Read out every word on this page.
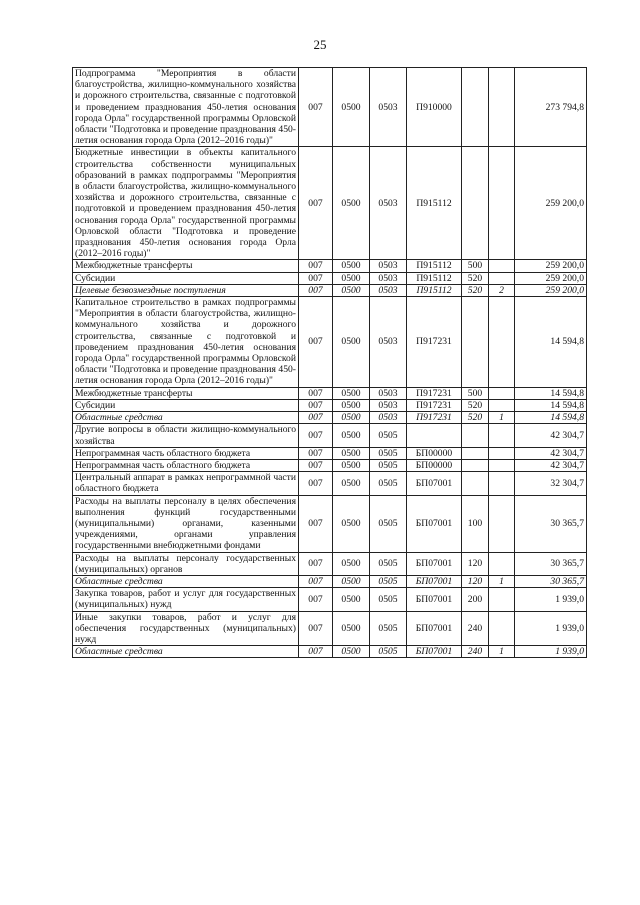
25
Подпрограмма "Мероприятия в области благоустройства, жилищно-коммунального хозяйства и дорожного строительства, связанные с подготовкой и проведением празднования 450-летия основания города Орла" государственной программы Орловской области "Подготовка и проведение празднования 450-летия основания города Орла (2012–2016 годы)"	007	0500	0503	П910000			273 794,8
Бюджетные инвестиции в объекты капитального строительства собственности муниципальных образований в рамках подпрограммы "Мероприятия в области благоустройства, жилищно-коммунального хозяйства и дорожного строительства, связанные с подготовкой и проведением празднования 450-летия основания города Орла" государственной программы Орловской области "Подготовка и проведение празднования 450-летия основания города Орла (2012–2016 годы)"	007	0500	0503	П915112			259 200,0
Межбюджетные трансферты	007	0500	0503	П915112	500		259 200,0
Субсидии	007	0500	0503	П915112	520		259 200,0
Целевые безвозмездные поступления	007	0500	0503	П915112	520	2	259 200,0
Капитальное строительство в рамках подпрограммы "Мероприятия в области благоустройства, жилищно-коммунального хозяйства и дорожного строительства, связанные с подготовкой и проведением празднования 450-летия основания города Орла" государственной программы Орловской области "Подготовка и проведение празднования 450-летия основания города Орла (2012–2016 годы)"	007	0500	0503	П917231			14 594,8
Межбюджетные трансферты	007	0500	0503	П917231	500		14 594,8
Субсидии	007	0500	0503	П917231	520		14 594,8
Областные средства	007	0500	0503	П917231	520	1	14 594,8
Другие вопросы в области жилищно-коммунального хозяйства	007	0500	0505				42 304,7
Непрограммная часть областного бюджета	007	0500	0505	БП00000			42 304,7
Непрограммная часть областного бюджета	007	0500	0505	БП00000			42 304,7
Центральный аппарат в рамках непрограммной части областного бюджета	007	0500	0505	БП07001			32 304,7
Расходы на выплаты персоналу в целях обеспечения выполнения функций государственными (муниципальными) органами, казенными учреждениями, органами управления государственными внебюджетными фондами	007	0500	0505	БП07001	100		30 365,7
Расходы на выплаты персоналу государственных (муниципальных) органов	007	0500	0505	БП07001	120		30 365,7
Областные средства	007	0500	0505	БП07001	120	1	30 365,7
Закупка товаров, работ и услуг для государственных (муниципальных) нужд	007	0500	0505	БП07001	200		1 939,0
Иные закупки товаров, работ и услуг для обеспечения государственных (муниципальных) нужд	007	0500	0505	БП07001	240		1 939,0
Областные средства	007	0500	0505	БП07001	240	1	1 939,0
